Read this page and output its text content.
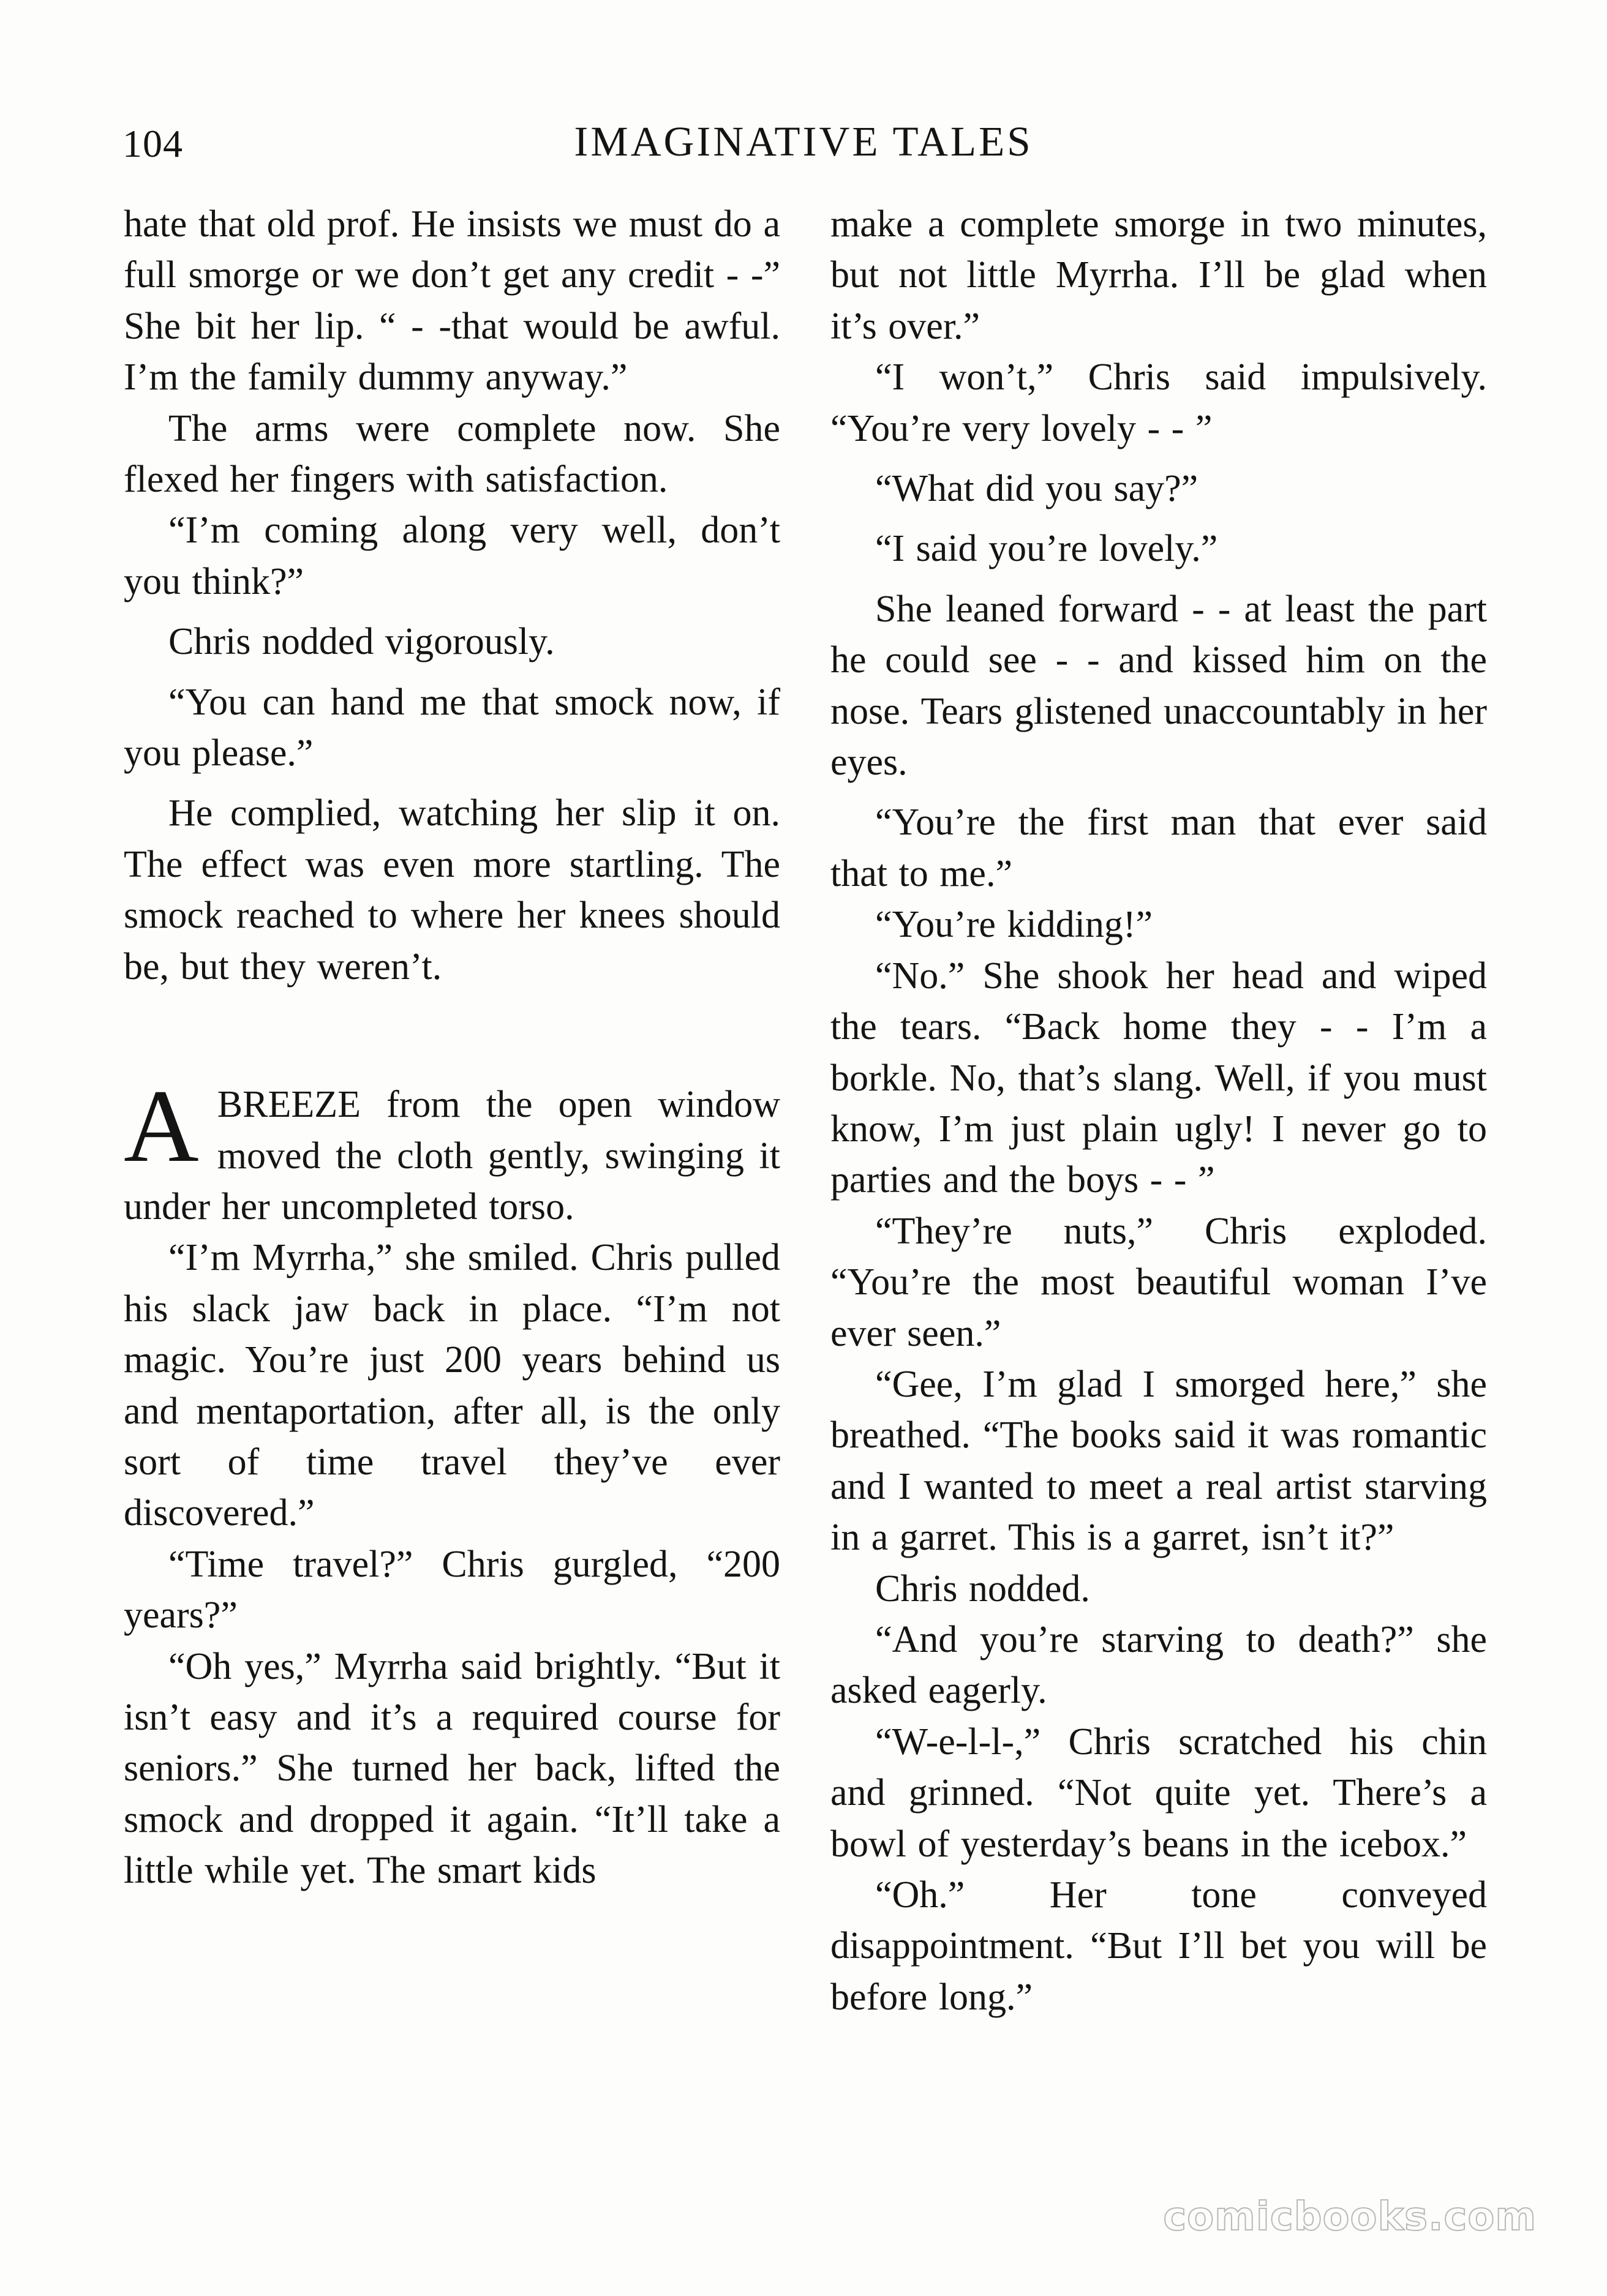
104	IMAGINATIVE TALES

hate that old prof. He insists we must do a full smorge or we don’t get any credit - -” She bit her lip. “ - -that would be awful. I’m the family dummy anyway.”

The arms were complete now. She flexed her fingers with satisfaction.

“I’m coming along very well, don’t you think?”

Chris nodded vigorously.

“You can hand me that smock now, if you please.”

He complied, watching her slip it on. The effect was even more startling. The smock reached to where her knees should be, but they weren’t.

ABREEZE from the open window moved the cloth gently, swinging it under her uncompleted torso.

“I’m Myrrha,” she smiled. Chris pulled his slack jaw back in place. “I’m not magic. You’re just 200 years behind us and mentaportation, after all, is the only sort of time travel they’ve ever discovered.”

“Time travel?” Chris gurgled, “200 years?”

“Oh yes,” Myrrha said brightly. “But it isn’t easy and it’s a required course for seniors.” She turned her back, lifted the smock and dropped it again. “It’ll take a little while yet. The smart kids

make a complete smorge in two minutes, but not little Myrrha. I’ll be glad when it’s over.”

“I won’t,” Chris said impulsively. “You’re very lovely - - ”

“What did you say?”

“I said you’re lovely.”

She leaned forward - - at least the part he could see - - and kissed him on the nose. Tears glistened unaccountably in her eyes.

“You’re the first man that ever said that to me.”

“You’re kidding!”

“No.” She shook her head and wiped the tears. “Back home they - - I’m a borkle. No, that’s slang. Well, if you must know, I’m just plain ugly! I never go to parties and the boys - - ”

“They’re nuts,” Chris exploded. “You’re the most beautiful woman I’ve ever seen.”

“Gee, I’m glad I smorged here,” she breathed. “The books said it was romantic and I wanted to meet a real artist starving in a garret. This is a garret, isn’t it?”

Chris nodded.

“And you’re starving to death?” she asked eagerly.

“W-e-l-l-,” Chris scratched his chin and grinned. “Not quite yet. There’s a bowl of yesterday’s beans in the icebox.”

“Oh.” Her tone conveyed disappointment. “But I’ll bet you will be before long.”

comicbooks.com
